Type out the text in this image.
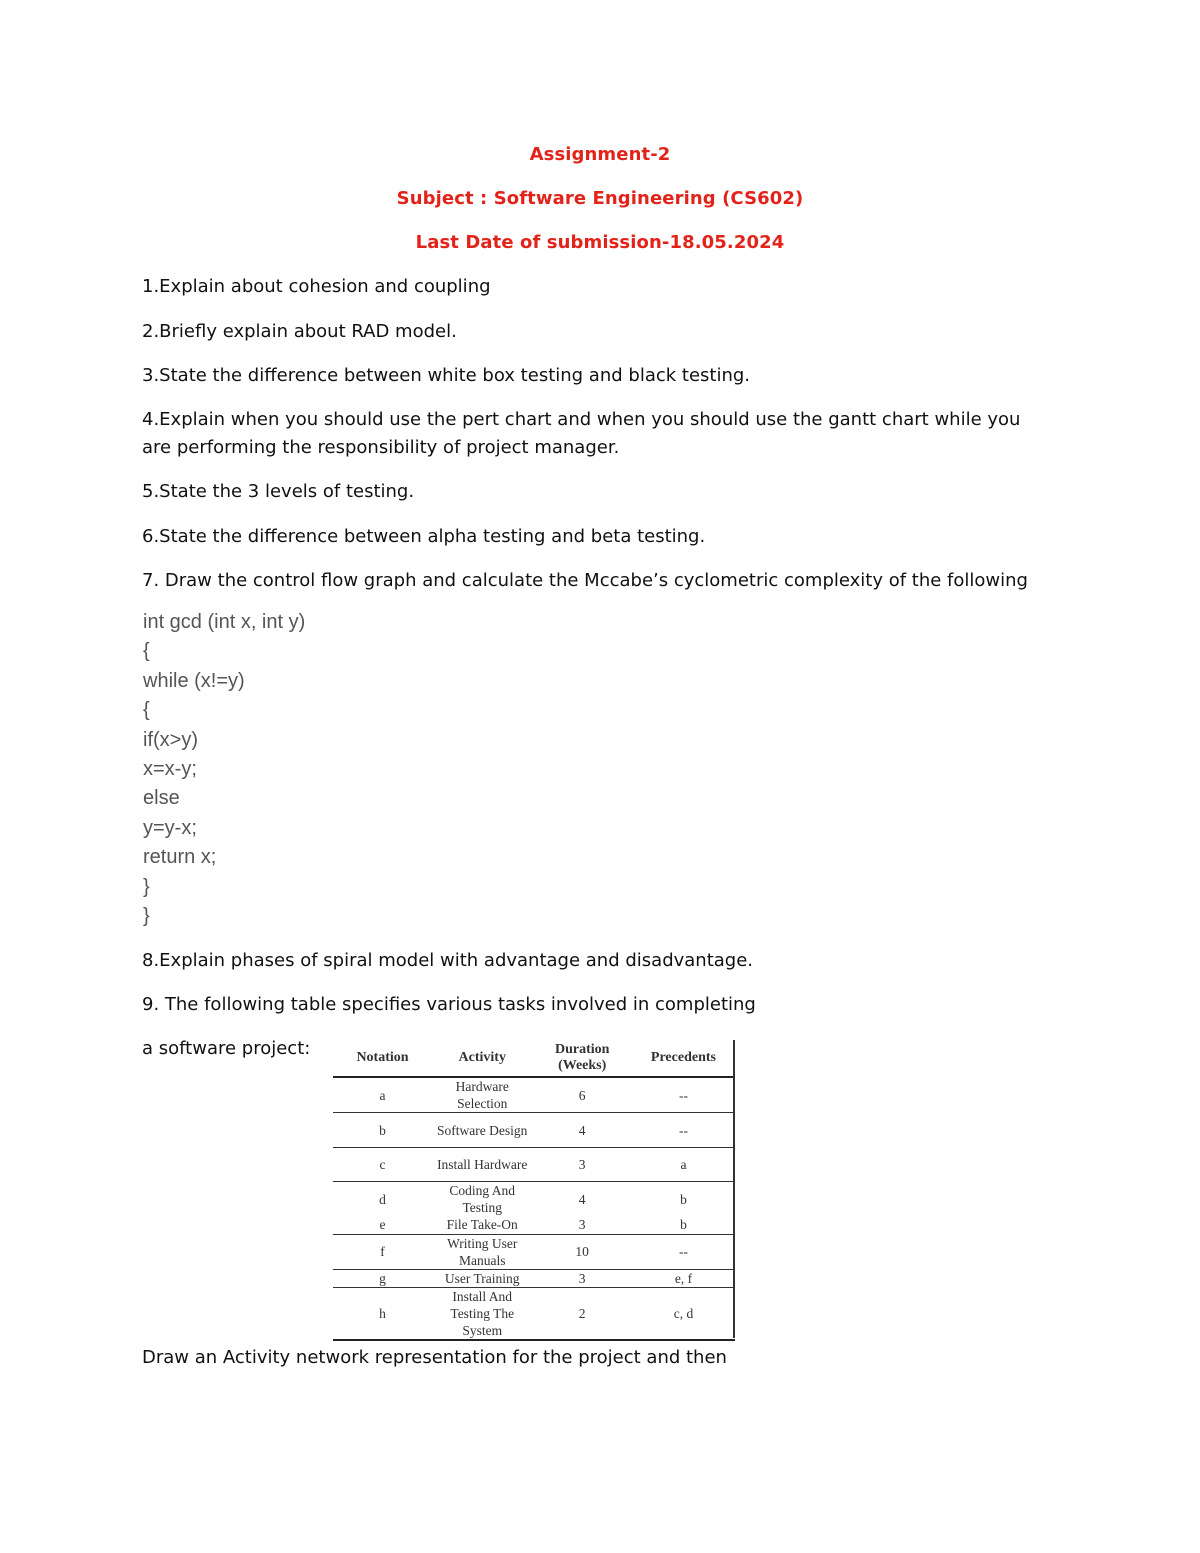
Assignment-2
Subject : Software Engineering (CS602)
Last Date of submission-18.05.2024

1.Explain about cohesion and coupling

2.Briefly explain about RAD model.

3.State the difference between white box testing and black testing.

4.Explain when you should use the pert chart and when you should use the gantt chart while you are performing the responsibility of project manager.

5.State the 3 levels of testing.

6.State the difference between alpha testing and beta testing.

7. Draw the control flow graph and calculate the Mccabe’s cyclometric complexity of the following

int gcd (int x, int y)
{
while (x!=y)
{
if(x>y)
x=x-y;
else
y=y-x;
return x;
}
}

8.Explain phases of spiral model with advantage and disadvantage.

9. The following table specifies various tasks involved in completing

a software project:	Notation	Activity	Duration (Weeks)	Precedents
a	Hardware Selection	6	--
b	Software Design	4	--
c	Install Hardware	3	a
d	Coding And Testing	4	b
e	File Take-On	3	b
f	Writing User Manuals	10	--
g	User Training	3	e, f
h	Install And Testing The System	2	c, d

Draw an Activity network representation for the project and then
